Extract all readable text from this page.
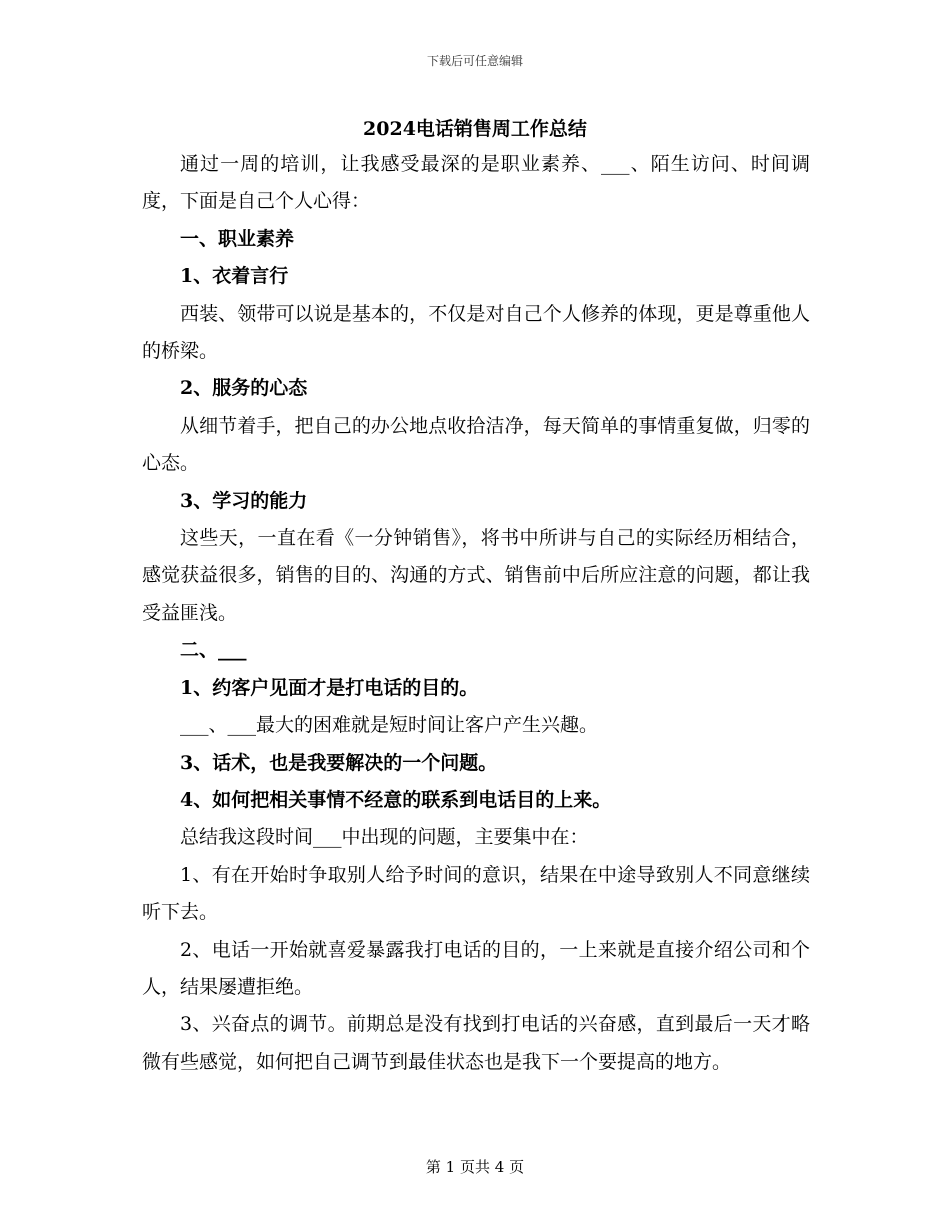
下载后可任意编辑
2024电话销售周工作总结

通过一周的培训，让我感受最深的是职业素养、___、陌生访问、时间调度，下面是自己个人心得：

一、职业素养

1、衣着言行

西装、领带可以说是基本的，不仅是对自己个人修养的体现，更是尊重他人的桥梁。

2、服务的心态

从细节着手，把自己的办公地点收拾洁净，每天简单的事情重复做，归零的心态。

3、学习的能力

这些天，一直在看《一分钟销售》，将书中所讲与自己的实际经历相结合，感觉获益很多，销售的目的、沟通的方式、销售前中后所应注意的问题，都让我受益匪浅。

二、___

1、约客户见面才是打电话的目的。

___、___最大的困难就是短时间让客户产生兴趣。

3、话术，也是我要解决的一个问题。

4、如何把相关事情不经意的联系到电话目的上来。

总结我这段时间___中出现的问题，主要集中在：

1、有在开始时争取别人给予时间的意识，结果在中途导致别人不同意继续听下去。

2、电话一开始就喜爱暴露我打电话的目的，一上来就是直接介绍公司和个人，结果屡遭拒绝。

3、兴奋点的调节。前期总是没有找到打电话的兴奋感，直到最后一天才略微有些感觉，如何把自己调节到最佳状态也是我下一个要提高的地方。

第 1 页共 4 页
